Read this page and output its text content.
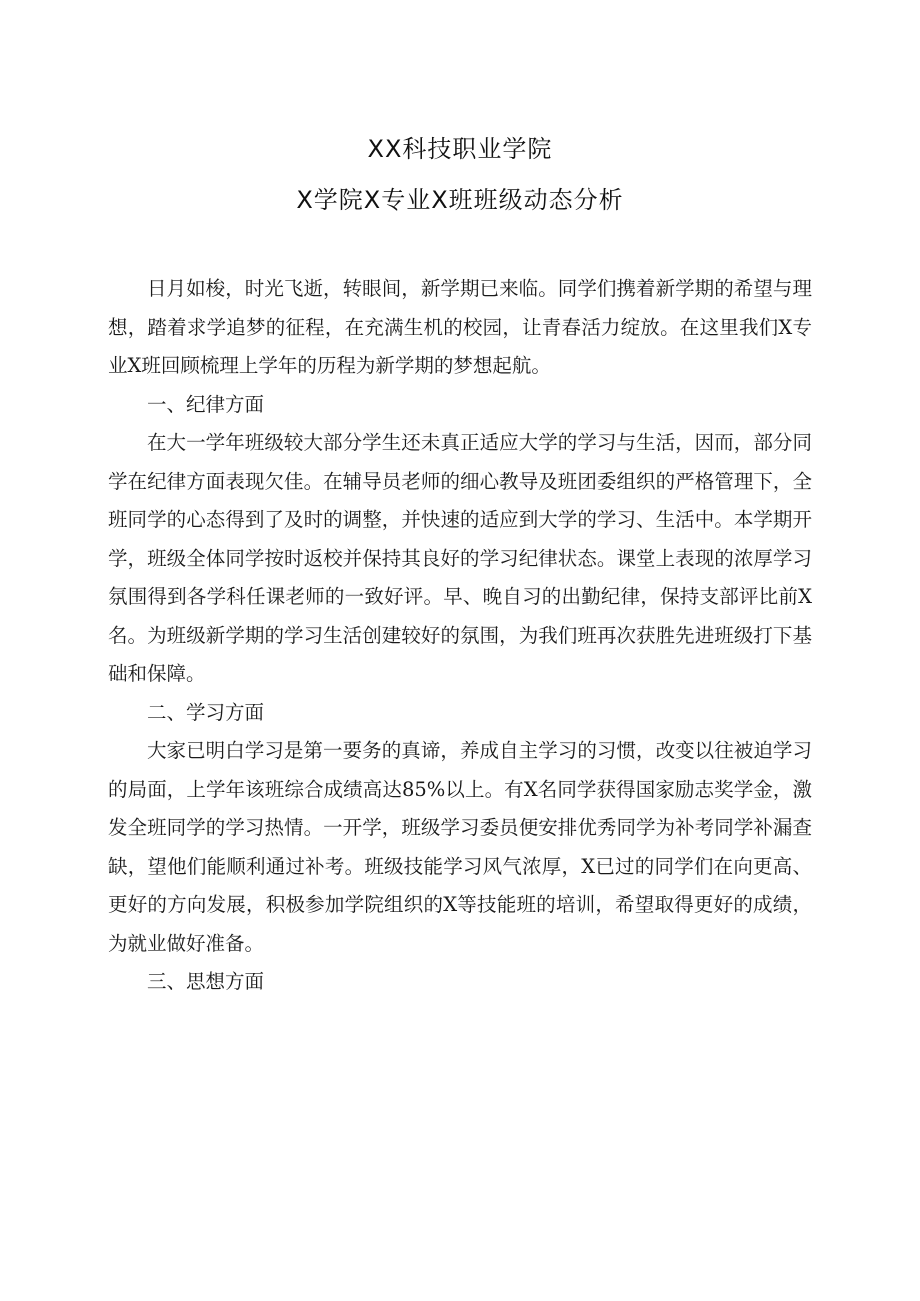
XX科技职业学院
X学院X专业X班班级动态分析

日月如梭，时光飞逝，转眼间，新学期已来临。同学们携着新学期的希望与理想，踏着求学追梦的征程，在充满生机的校园，让青春活力绽放。在这里我们X专业X班回顾梳理上学年的历程为新学期的梦想起航。

一、纪律方面

在大一学年班级较大部分学生还未真正适应大学的学习与生活，因而，部分同学在纪律方面表现欠佳。在辅导员老师的细心教导及班团委组织的严格管理下，全班同学的心态得到了及时的调整，并快速的适应到大学的学习、生活中。本学期开学，班级全体同学按时返校并保持其良好的学习纪律状态。课堂上表现的浓厚学习氛围得到各学科任课老师的一致好评。早、晚自习的出勤纪律，保持支部评比前X名。为班级新学期的学习生活创建较好的氛围，为我们班再次获胜先进班级打下基础和保障。

二、学习方面

大家已明白学习是第一要务的真谛，养成自主学习的习惯，改变以往被迫学习的局面，上学年该班综合成绩高达85%以上。有X名同学获得国家励志奖学金，激发全班同学的学习热情。一开学，班级学习委员便安排优秀同学为补考同学补漏查缺，望他们能顺利通过补考。班级技能学习风气浓厚，X已过的同学们在向更高、更好的方向发展，积极参加学院组织的X等技能班的培训，希望取得更好的成绩，为就业做好准备。

三、思想方面
